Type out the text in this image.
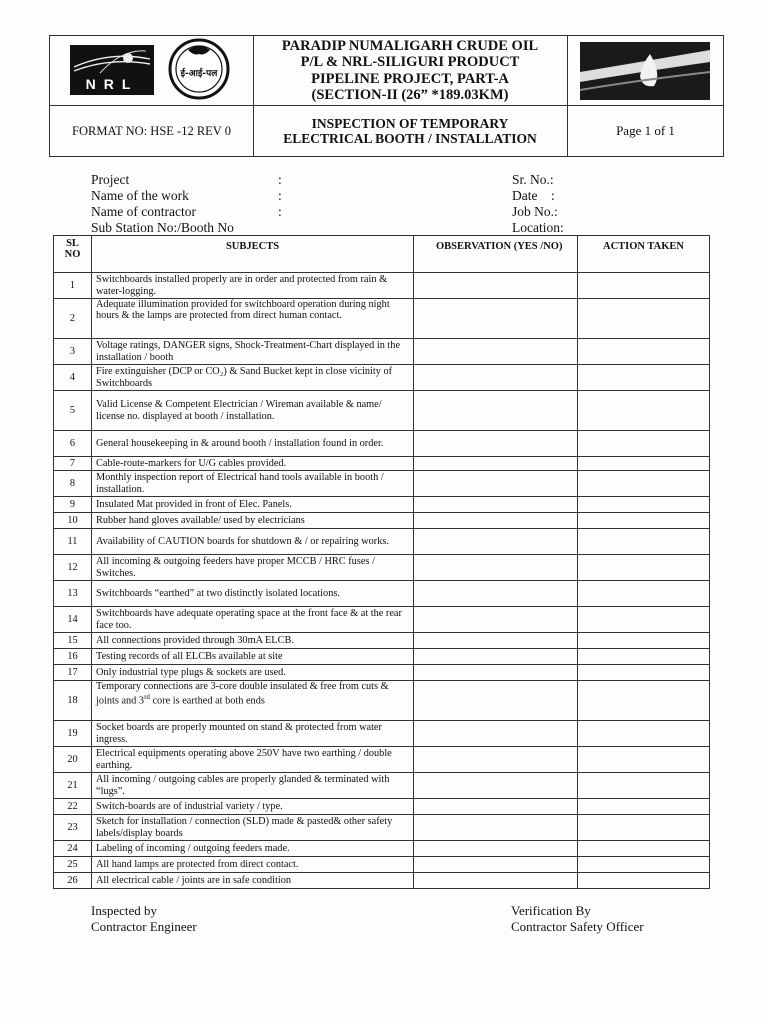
NRL
ई-आई-पल
PARADIP NUMALIGARH CRUDE OIL
P/L & NRL-SILIGURI PRODUCT
PIPELINE PROJECT, PART-A
(SECTION-II (26” *189.03KM)
FORMAT NO: HSE -12 REV 0	INSPECTION OF TEMPORARY
ELECTRICAL BOOTH / INSTALLATION
Page 1 of 1
Project	:
Name of the work	:
Name of contractor	:
Sub Station No:/Booth No
Sr. No.:
Date    :
Job No.:
Location:
SL NO	SUBJECTS	OBSERVATION (YES /NO)	ACTION TAKEN
1	Switchboards installed properly are in order and protected from rain & water-logging.		
2	Adequate illumination provided for switchboard operation during night hours & the lamps are protected from direct human contact.		
3	Voltage ratings, DANGER signs, Shock-Treatment-Chart displayed in the installation / booth		
4	Fire extinguisher (DCP or CO₂) & Sand Bucket kept in close vicinity of Switchboards		
5	Valid License & Competent Electrician / Wireman available & name/ license no. displayed at booth / installation.		
6	General housekeeping in & around booth / installation found in order.		
7	Cable-route-markers for U/G cables provided.		
8	Monthly inspection report of Electrical hand tools available in booth / installation.		
9	Insulated Mat provided in front of Elec. Panels.		
10	Rubber hand gloves available/ used by electricians		
11	Availability of CAUTION boards for shutdown & / or repairing works.		
12	All incoming & outgoing feeders have proper MCCB / HRC fuses / Switches.		
13	Switchboards “earthed” at two distinctly isolated locations.		
14	Switchboards have adequate operating space at the front face & at the rear face too.		
15	All connections provided through 30mA ELCB.		
16	Testing records of all ELCBs available at site		
17	Only industrial type plugs & sockets are used.		
18	Temporary connections are 3-core double insulated & free from cuts & joints and 3rd core is earthed at both ends		
19	Socket boards are properly mounted on stand & protected from water ingress.		
20	Electrical equipments operating above 250V have two earthing / double earthing.		
21	All incoming / outgoing cables are properly glanded & terminated with “lugs”.		
22	Switch-boards are of industrial variety / type.		
23	Sketch for installation / connection (SLD) made & pasted& other safety labels/display boards		
24	Labeling of incoming / outgoing feeders made.		
25	All hand lamps are protected from direct contact.		
26	All electrical cable / joints are in safe condition		
Inspected by
Contractor Engineer
Verification By
Contractor Safety Officer
